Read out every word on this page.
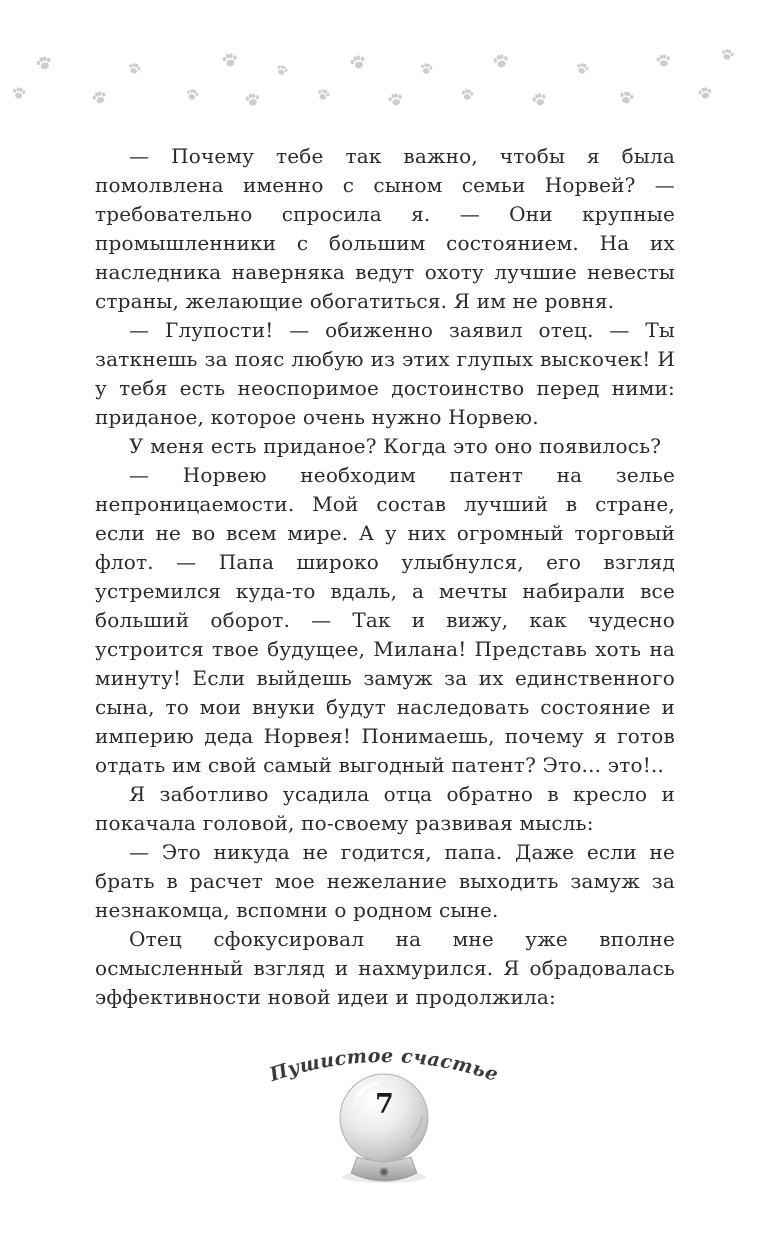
— Почему тебе так важно, чтобы я была помолвлена именно с сыном семьи Норвей? — требовательно спросила я. — Они крупные промышленники с большим состоянием. На их наследника наверняка ведут охоту лучшие невесты страны, желающие обогатиться. Я им не ровня.

— Глупости! — обиженно заявил отец. — Ты заткнешь за пояс любую из этих глупых выскочек! И у тебя есть неоспоримое достоинство перед ними: приданое, которое очень нужно Норвею.

У меня есть приданое? Когда это оно появилось?

— Норвею необходим патент на зелье непроницаемости. Мой состав лучший в стране, если не во всем мире. А у них огромный торговый флот. — Папа широко улыбнулся, его взгляд устремился куда-то вдаль, а мечты набирали все больший оборот. — Так и вижу, как чудесно устроится твое будущее, Милана! Представь хоть на минуту! Если выйдешь замуж за их единственного сына, то мои внуки будут наследовать состояние и империю деда Норвея! Понимаешь, почему я готов отдать им свой самый выгодный патент? Это... это!..

Я заботливо усадила отца обратно в кресло и покачала головой, по-своему развивая мысль:

— Это никуда не годится, папа. Даже если не брать в расчет мое нежелание выходить замуж за незнакомца, вспомни о родном сыне.

Отец сфокусировал на мне уже вполне осмысленный взгляд и нахмурился. Я обрадовалась эффективности новой идеи и продолжила:

Пушистое счастье
7
